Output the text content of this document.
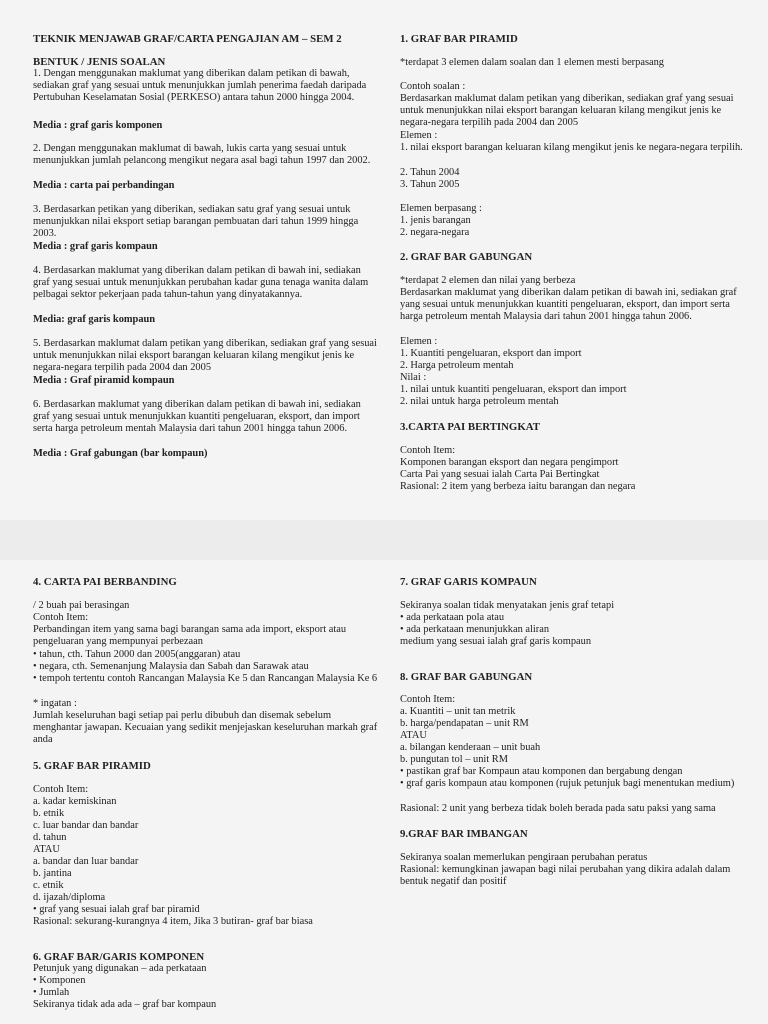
TEKNIK MENJAWAB GRAF/CARTA PENGAJIAN AM – SEM 2
BENTUK / JENIS SOALAN
1. Dengan menggunakan maklumat yang diberikan dalam petikan di bawah, sediakan graf yang sesuai untuk menunjukkan jumlah penerima faedah daripada Pertubuhan Keselamatan Sosial (PERKESO) antara tahun 2000 hingga 2004.
Media : graf garis komponen
2. Dengan menggunakan maklumat di bawah, lukis carta yang sesuai untuk menunjukkan jumlah pelancong mengikut negara asal bagi tahun 1997 dan 2002.
Media : carta pai perbandingan
3. Berdasarkan petikan yang diberikan, sediakan satu graf yang sesuai untuk menunjukkan nilai eksport setiap barangan pembuatan dari tahun 1999 hingga 2003.
Media : graf garis kompaun
4. Berdasarkan maklumat yang diberikan dalam petikan di bawah ini, sediakan graf yang sesuai untuk menunjukkan perubahan kadar guna tenaga wanita dalam pelbagai sektor pekerjaan pada tahun-tahun yang dinyatakannya.
Media: graf garis kompaun
5. Berdasarkan maklumat dalam petikan yang diberikan, sediakan graf yang sesuai untuk menunjukkan nilai eksport barangan keluaran kilang mengikut jenis ke negara-negara terpilih pada 2004 dan 2005
Media : Graf piramid kompaun
6. Berdasarkan maklumat yang diberikan dalam petikan di bawah ini, sediakan graf yang sesuai untuk menunjukkan kuantiti pengeluaran, eksport, dan import serta harga petroleum mentah Malaysia dari tahun 2001 hingga tahun 2006.
Media : Graf gabungan (bar kompaun)
1. GRAF BAR PIRAMID
*terdapat 3 elemen dalam soalan dan 1 elemen mesti berpasang
Contoh soalan :
Berdasarkan maklumat dalam petikan yang diberikan, sediakan graf yang sesuai untuk menunjukkan nilai eksport barangan keluaran kilang mengikut jenis ke negara-negara terpilih pada 2004 dan 2005
Elemen :
1. nilai eksport barangan keluaran kilang mengikut jenis ke negara-negara terpilih.
2. Tahun 2004
3. Tahun 2005
Elemen berpasang :
1. jenis barangan
2. negara-negara
2. GRAF BAR GABUNGAN
*terdapat 2 elemen dan nilai yang berbeza
Berdasarkan maklumat yang diberikan dalam petikan di bawah ini, sediakan graf yang sesuai untuk menunjukkan kuantiti pengeluaran, eksport, dan import serta harga petroleum mentah Malaysia dari tahun 2001 hingga tahun 2006.
Elemen :
1. Kuantiti pengeluaran, eksport dan import
2. Harga petroleum mentah
Nilai :
1. nilai untuk kuantiti pengeluaran, eksport dan import
2. nilai untuk harga petroleum mentah
3.CARTA PAI BERTINGKAT
Contoh Item:
Komponen barangan eksport dan negara pengimport
Carta Pai yang sesuai ialah Carta Pai Bertingkat
Rasional: 2 item yang berbeza iaitu barangan dan negara
4. CARTA PAI BERBANDING
/ 2 buah pai berasingan
Contoh Item:
Perbandingan item yang sama bagi barangan sama ada import, eksport atau pengeluaran yang mempunyai perbezaan
• tahun, cth. Tahun 2000 dan 2005(anggaran) atau
• negara, cth. Semenanjung Malaysia dan Sabah dan Sarawak atau
• tempoh tertentu contoh Rancangan Malaysia Ke 5 dan Rancangan Malaysia Ke 6
* ingatan :
Jumlah keseluruhan bagi setiap pai perlu dibubuh dan disemak sebelum menghantar jawapan. Kecuaian yang sedikit menjejaskan keseluruhan markah graf anda
5. GRAF BAR PIRAMID
Contoh Item:
a. kadar kemiskinan
b. etnik
c. luar bandar dan bandar
d. tahun
ATAU
a. bandar dan luar bandar
b. jantina
c. etnik
d. ijazah/diploma
• graf yang sesuai ialah graf bar piramid
Rasional: sekurang-kurangnya 4 item, Jika 3 butiran- graf bar biasa
6. GRAF BAR/GARIS KOMPONEN
Petunjuk yang digunakan – ada perkataan
• Komponen
• Jumlah
Sekiranya tidak ada ada – graf bar kompaun
7. GRAF GARIS KOMPAUN
Sekiranya soalan tidak menyatakan jenis graf tetapi
• ada perkataan pola atau
• ada perkataan menunjukkan aliran
medium yang sesuai ialah graf garis kompaun
8. GRAF BAR GABUNGAN
Contoh Item:
a. Kuantiti – unit tan metrik
b. harga/pendapatan – unit RM
ATAU
a. bilangan kenderaan – unit buah
b. pungutan tol – unit RM
• pastikan graf bar Kompaun atau komponen dan bergabung dengan
• graf garis kompaun atau komponen (rujuk petunjuk bagi menentukan medium)
Rasional: 2 unit yang berbeza tidak boleh berada pada satu paksi yang sama
9.GRAF BAR IMBANGAN
Sekiranya soalan memerlukan pengiraan perubahan peratus
Rasional: kemungkinan jawapan bagi nilai perubahan yang dikira adalah dalam bentuk negatif dan positif
